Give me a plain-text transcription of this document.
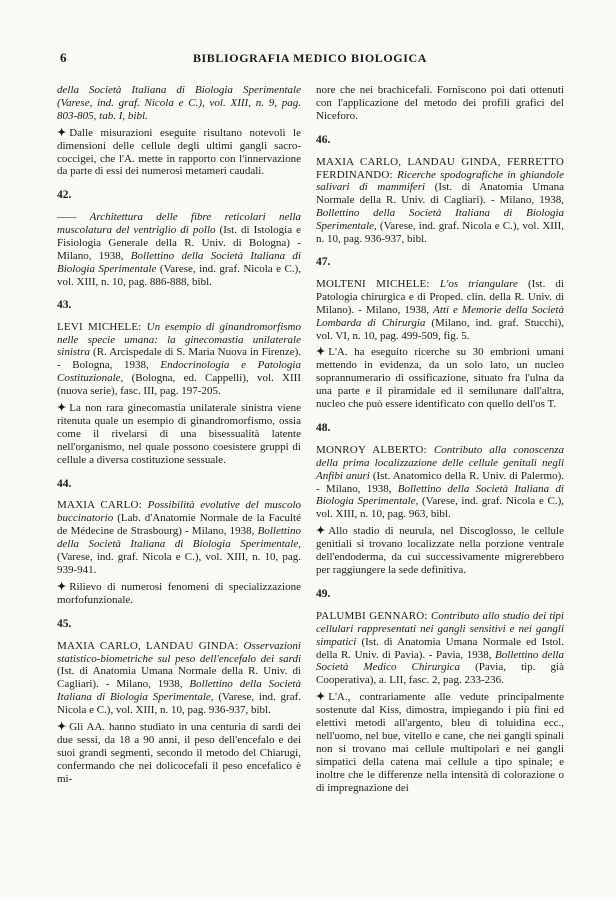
6	BIBLIOGRAFIA MEDICO BIOLOGICA

della Società Italiana di Biologia Sperimentale (Varese, ind. graf. Nicola e C.), vol. XIII, n. 9, pag. 803-805, tab. I, bibl.

✦ Dalle misurazioni eseguite risultano notevoli le dimensioni delle cellule degli ultimi gangli sacro-coccigei, che l'A. mette in rapporto con l'innervazione da parte di essi dei numerosi metameri caudali.

42.

—— Architettura delle fibre reticolari nella muscolatura del ventriglio di pollo (Ist. di Istologia e Fisiologia Generale della R. Univ. di Bologna) - Milano, 1938, Bollettino della Società Italiana di Biologia Sperimentale (Varese, ind. graf. Nicola e C.), vol. XIII, n. 10, pag. 886-888, bibl.

43.

LEVI MICHELE: Un esempio di ginandromorfismo nelle specie umana: la ginecomastia unilaterale sinistra (R. Arcispedale di S. Maria Nuova in Firenze). - Bologna, 1938, Endocrinologia e Patologia Costituzionale, (Bologna, ed. Cappelli), vol. XIII (nuova serie), fasc. III, pag. 197-205.

✦ La non rara ginecomastia unilaterale sinistra viene ritenuta quale un esempio di ginandromorfismo, ossia come il rivelarsi di una bisessualità latente nell'organismo, nel quale possono coesistere gruppi di cellule a diversa costituzione sessuale.

44.

MAXIA CARLO: Possibilità evolutive del muscolo buccinatorio (Lab. d'Anatomie Normale de la Faculté de Médecine de Strasbourg) - Milano, 1938, Bollettino della Società Italiana di Biologia Sperimentale, (Varese, ind. graf. Nicola e C.), vol. XIII, n. 10, pag. 939-941.

✦ Rilievo di numerosi fenomeni di specializzazione morfofunzionale.

45.

MAXIA CARLO, LANDAU GINDA: Osservazioni statistico-biometriche sul peso dell'encefalo dei sardi (Ist. di Anatomia Umana Normale della R. Univ. di Cagliari). - Milano, 1938, Bollettino della Società Italiana di Biologia Sperimentale, (Varese, ind. graf. Nicola e C.), vol. XIII, n. 10, pag. 936-937, bibl.

✦ Gli AA. hanno studiato in una centuria di sardi dei due sessi, da 18 a 90 anni, il peso dell'encefalo e dei suoi grandi segmenti, secondo il metodo del Chiarugi, confermando che nei dolicocefali il peso encefalico è mi-

nore che nei brachicefali. Forniscono poi dati ottenuti con l'applicazione del metodo dei profili grafici del Niceforo.

46.

MAXIA CARLO, LANDAU GINDA, FERRETTO FERDINANDO: Ricerche spodografiche in ghiandole salivari di mammiferi (Ist. di Anatomia Umana Normale della R. Univ. di Cagliari). - Milano, 1938, Bollettino della Società Italiana di Biologia Sperimentale, (Varese, ind. graf. Nicola e C.), vol. XIII, n. 10, pag. 936-937, bibl.

47.

MOLTENI MICHELE: L'os triangulare (Ist. di Patologia chirurgica e di Proped. clin. della R. Univ. di Milano). - Milano, 1938, Atti e Memorie della Società Lombarda di Chirurgia (Milano, ind. graf. Stucchi), vol. VI, n. 10, pag. 499-509, fig. 5.

✦ L'A. ha eseguito ricerche su 30 embrioni umani mettendo in evidenza, da un solo lato, un nucleo soprannumerario di ossificazione, situato fra l'ulna da una parte e il piramidale ed il semilunare dall'altra, nucleo che può essere identificato con quello dell'os T.

48.

MONROY ALBERTO: Contributo alla conoscenza della prima localizzazione delle cellule genitali negli Anfibi anuri (Ist. Anatomico della R. Univ. di Palermo). - Milano, 1938, Bollettino della Società Italiana di Biologia Sperimentale, (Varese, ind. graf. Nicola e C.), vol. XIII, n. 10, pag. 963, bibl.

✦ Allo stadio di neurula, nel Discoglosso, le cellule genitiali si trovano localizzate nella porzione ventrale dell'endoderma, da cui successivamente migrerebbero per raggiungere la sede definitiva.

49.

PALUMBI GENNARO: Contributo allo studio dei tipi cellulari rappresentati nei gangli sensitivi e nei gangli simpatici (Ist. di Anatomia Umana Normale ed Istol. della R. Univ. di Pavia). - Pavia, 1938, Bollettino della Società Medico Chirurgica (Pavia, tip. già Cooperativa), a. LII, fasc. 2, pag. 233-236.

✦ L'A., contrariamente alle vedute principalmente sostenute dal Kiss, dimostra, impiegando i più fini ed elettivi metodi all'argento, bleu di toluidina ecc., nell'uomo, nel bue, vitello e cane, che nei gangli spinali non si trovano mai cellule multipolari e nei gangli simpatici della catena mai cellule a tipo spinale; e inoltre che le differenze nella intensità di colorazione o di impregnazione dei
